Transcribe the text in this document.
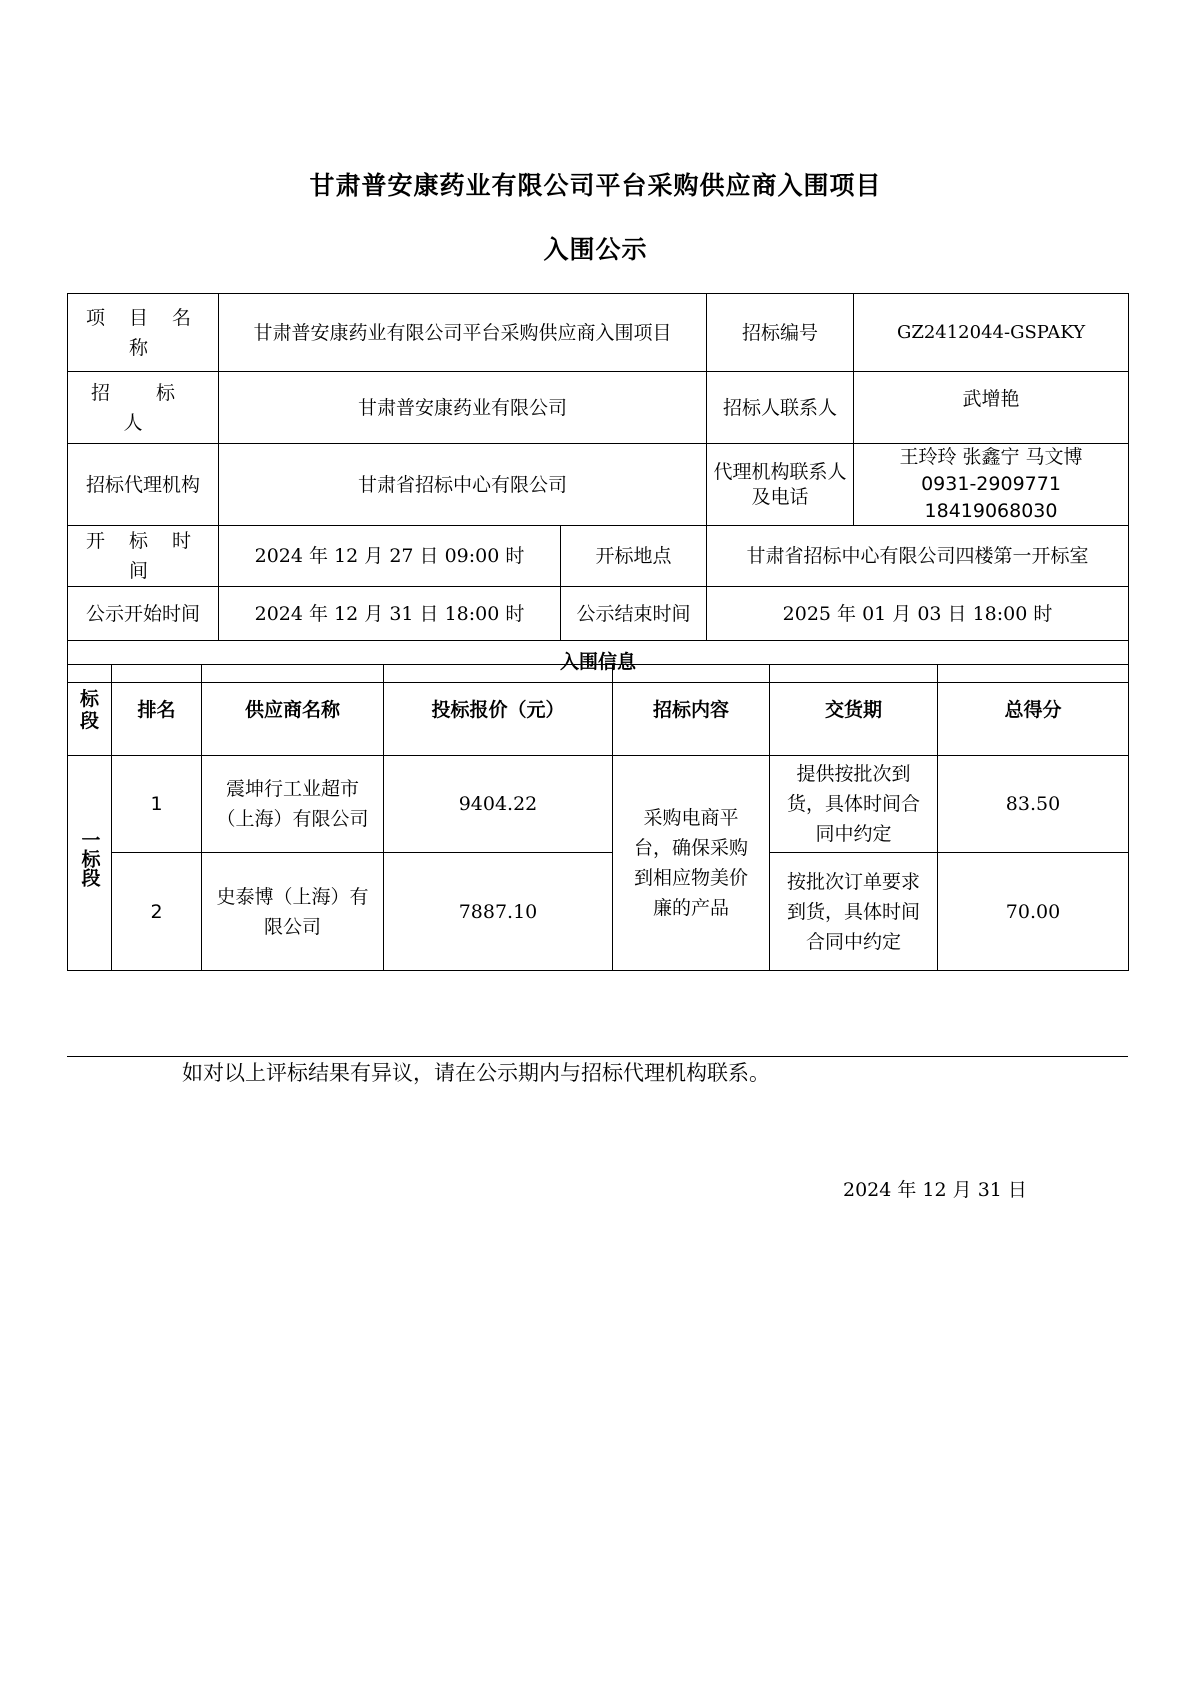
甘肃普安康药业有限公司平台采购供应商入围项目
入围公示
项 目 名 称	甘肃普安康药业有限公司平台采购供应商入围项目		招标编号	GZ2412044-GSPAKY
招 标 人	甘肃普安康药业有限公司		招标人联系人	武增艳
招标代理机构	甘肃省招标中心有限公司		代理机构联系人及电话	王玲玲 张鑫宁 马文博
0931-2909771 18419068030

开 标 时 间	2024 年 12 月 27 日 09:00 时	开标地点	甘肃省招标中心有限公司四楼第一开标室	
公示开始时间	2024 年 12 月 31 日 18:00 时	公示结束时间	2025 年 01 月 03 日 18:00 时	
入围信息				
标段	排名	供应商名称	投标报价（元）	招标内容	交货期	总得分
一标段	1	震坤行工业超市（上海）有限公司	9404.22	采购电商平台，确保采购到相应物美价廉的产品	提供按批次到货，具体时间合同中约定	83.50
	2	史泰博（上海）有限公司	7887.10		按批次订单要求到货，具体时间合同中约定	70.00
如对以上评标结果有异议，请在公示期内与招标代理机构联系。
2024 年 12 月 31 日
